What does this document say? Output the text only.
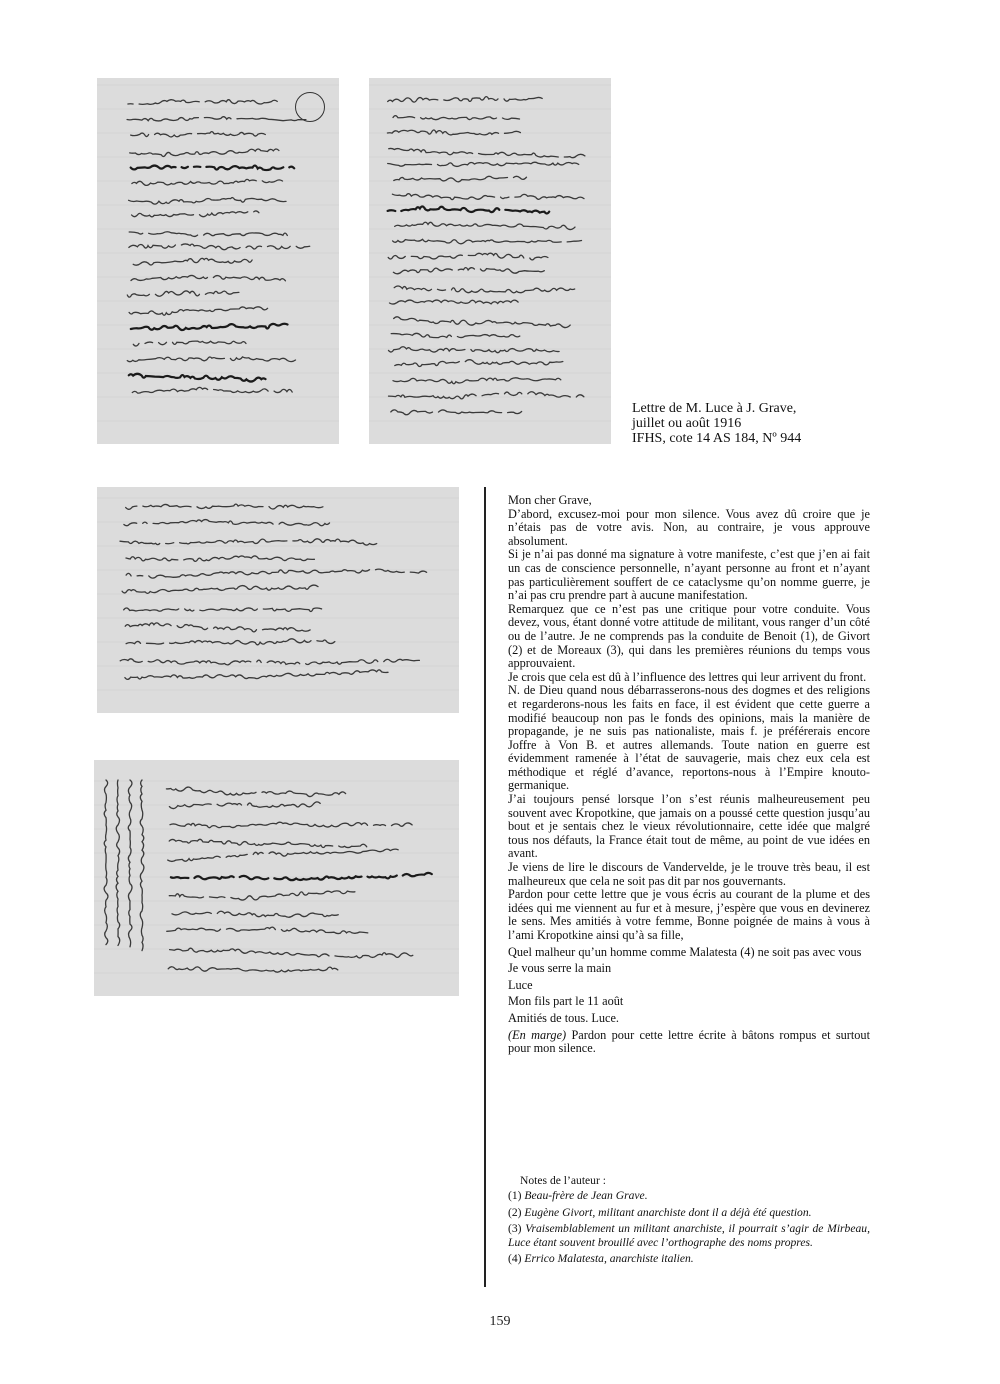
Lettre de M. Luce à J. Grave,
juillet ou août 1916
IFHS, cote 14 AS 184, Nº 944

Mon cher Grave,

D’abord, excusez-moi pour mon silence. Vous avez dû croire que je n’étais pas de votre avis. Non, au contraire, je vous approuve absolument.

Si je n’ai pas donné ma signature à votre manifeste, c’est que j’en ai fait un cas de conscience personnelle, n’ayant personne au front et n’ayant pas particulièrement souffert de ce cataclysme qu’on nomme guerre, je n’ai pas cru prendre part à aucune manifestation.

Remarquez que ce n’est pas une critique pour votre conduite. Vous devez, vous, étant donné votre attitude de militant, vous ranger d’un côté ou de l’autre. Je ne comprends pas la conduite de Benoit (1), de Givort (2) et de Moreaux (3), qui dans les premières réunions du temps vous approuvaient.

Je crois que cela est dû à l’influence des lettres qui leur arrivent du front.

N. de Dieu quand nous débarrasserons-nous des dogmes et des religions et regarderons-nous les faits en face, il est évident que cette guerre a modifié beaucoup non pas le fonds des opinions, mais la manière de propagande, je ne suis pas nationaliste, mais f. je préférerais encore Joffre à Von B. et autres allemands. Toute nation en guerre est évidemment ramenée à l’état de sauvagerie, mais chez eux cela est méthodique et réglé d’avance, reportons-nous à l’Empire knouto-germanique.

J’ai toujours pensé lorsque l’on s’est réunis malheureusement peu souvent avec Kropotkine, que jamais on a poussé cette question jusqu’au bout et je sentais chez le vieux révolutionnaire, cette idée que malgré tous nos défauts, la France était tout de même, au point de vue idées en avant.

Je viens de lire le discours de Vandervelde, je le trouve très beau, il est malheureux que cela ne soit pas dit par nos gouvernants.

Pardon pour cette lettre que je vous écris au courant de la plume et des idées qui me viennent au fur et à mesure, j’espère que vous en devinerez le sens. Mes amitiés à votre femme, Bonne poignée de mains à vous à l’ami Kropotkine ainsi qu’à sa fille,

Quel malheur qu’un homme comme Malatesta (4) ne soit pas avec vous

Je vous serre la main

Luce

Mon fils part le 11 août

Amitiés de tous. Luce.

(En marge) Pardon pour cette lettre écrite à bâtons rompus et surtout pour mon silence.

Notes de l’auteur :

(1) Beau-frère de Jean Grave.

(2) Eugène Givort, militant anarchiste dont il a déjà été question.

(3) Vraisemblablement un militant anarchiste, il pourrait s’agir de Mirbeau, Luce étant souvent brouillé avec l’orthographe des noms propres.

(4) Errico Malatesta, anarchiste italien.

159
